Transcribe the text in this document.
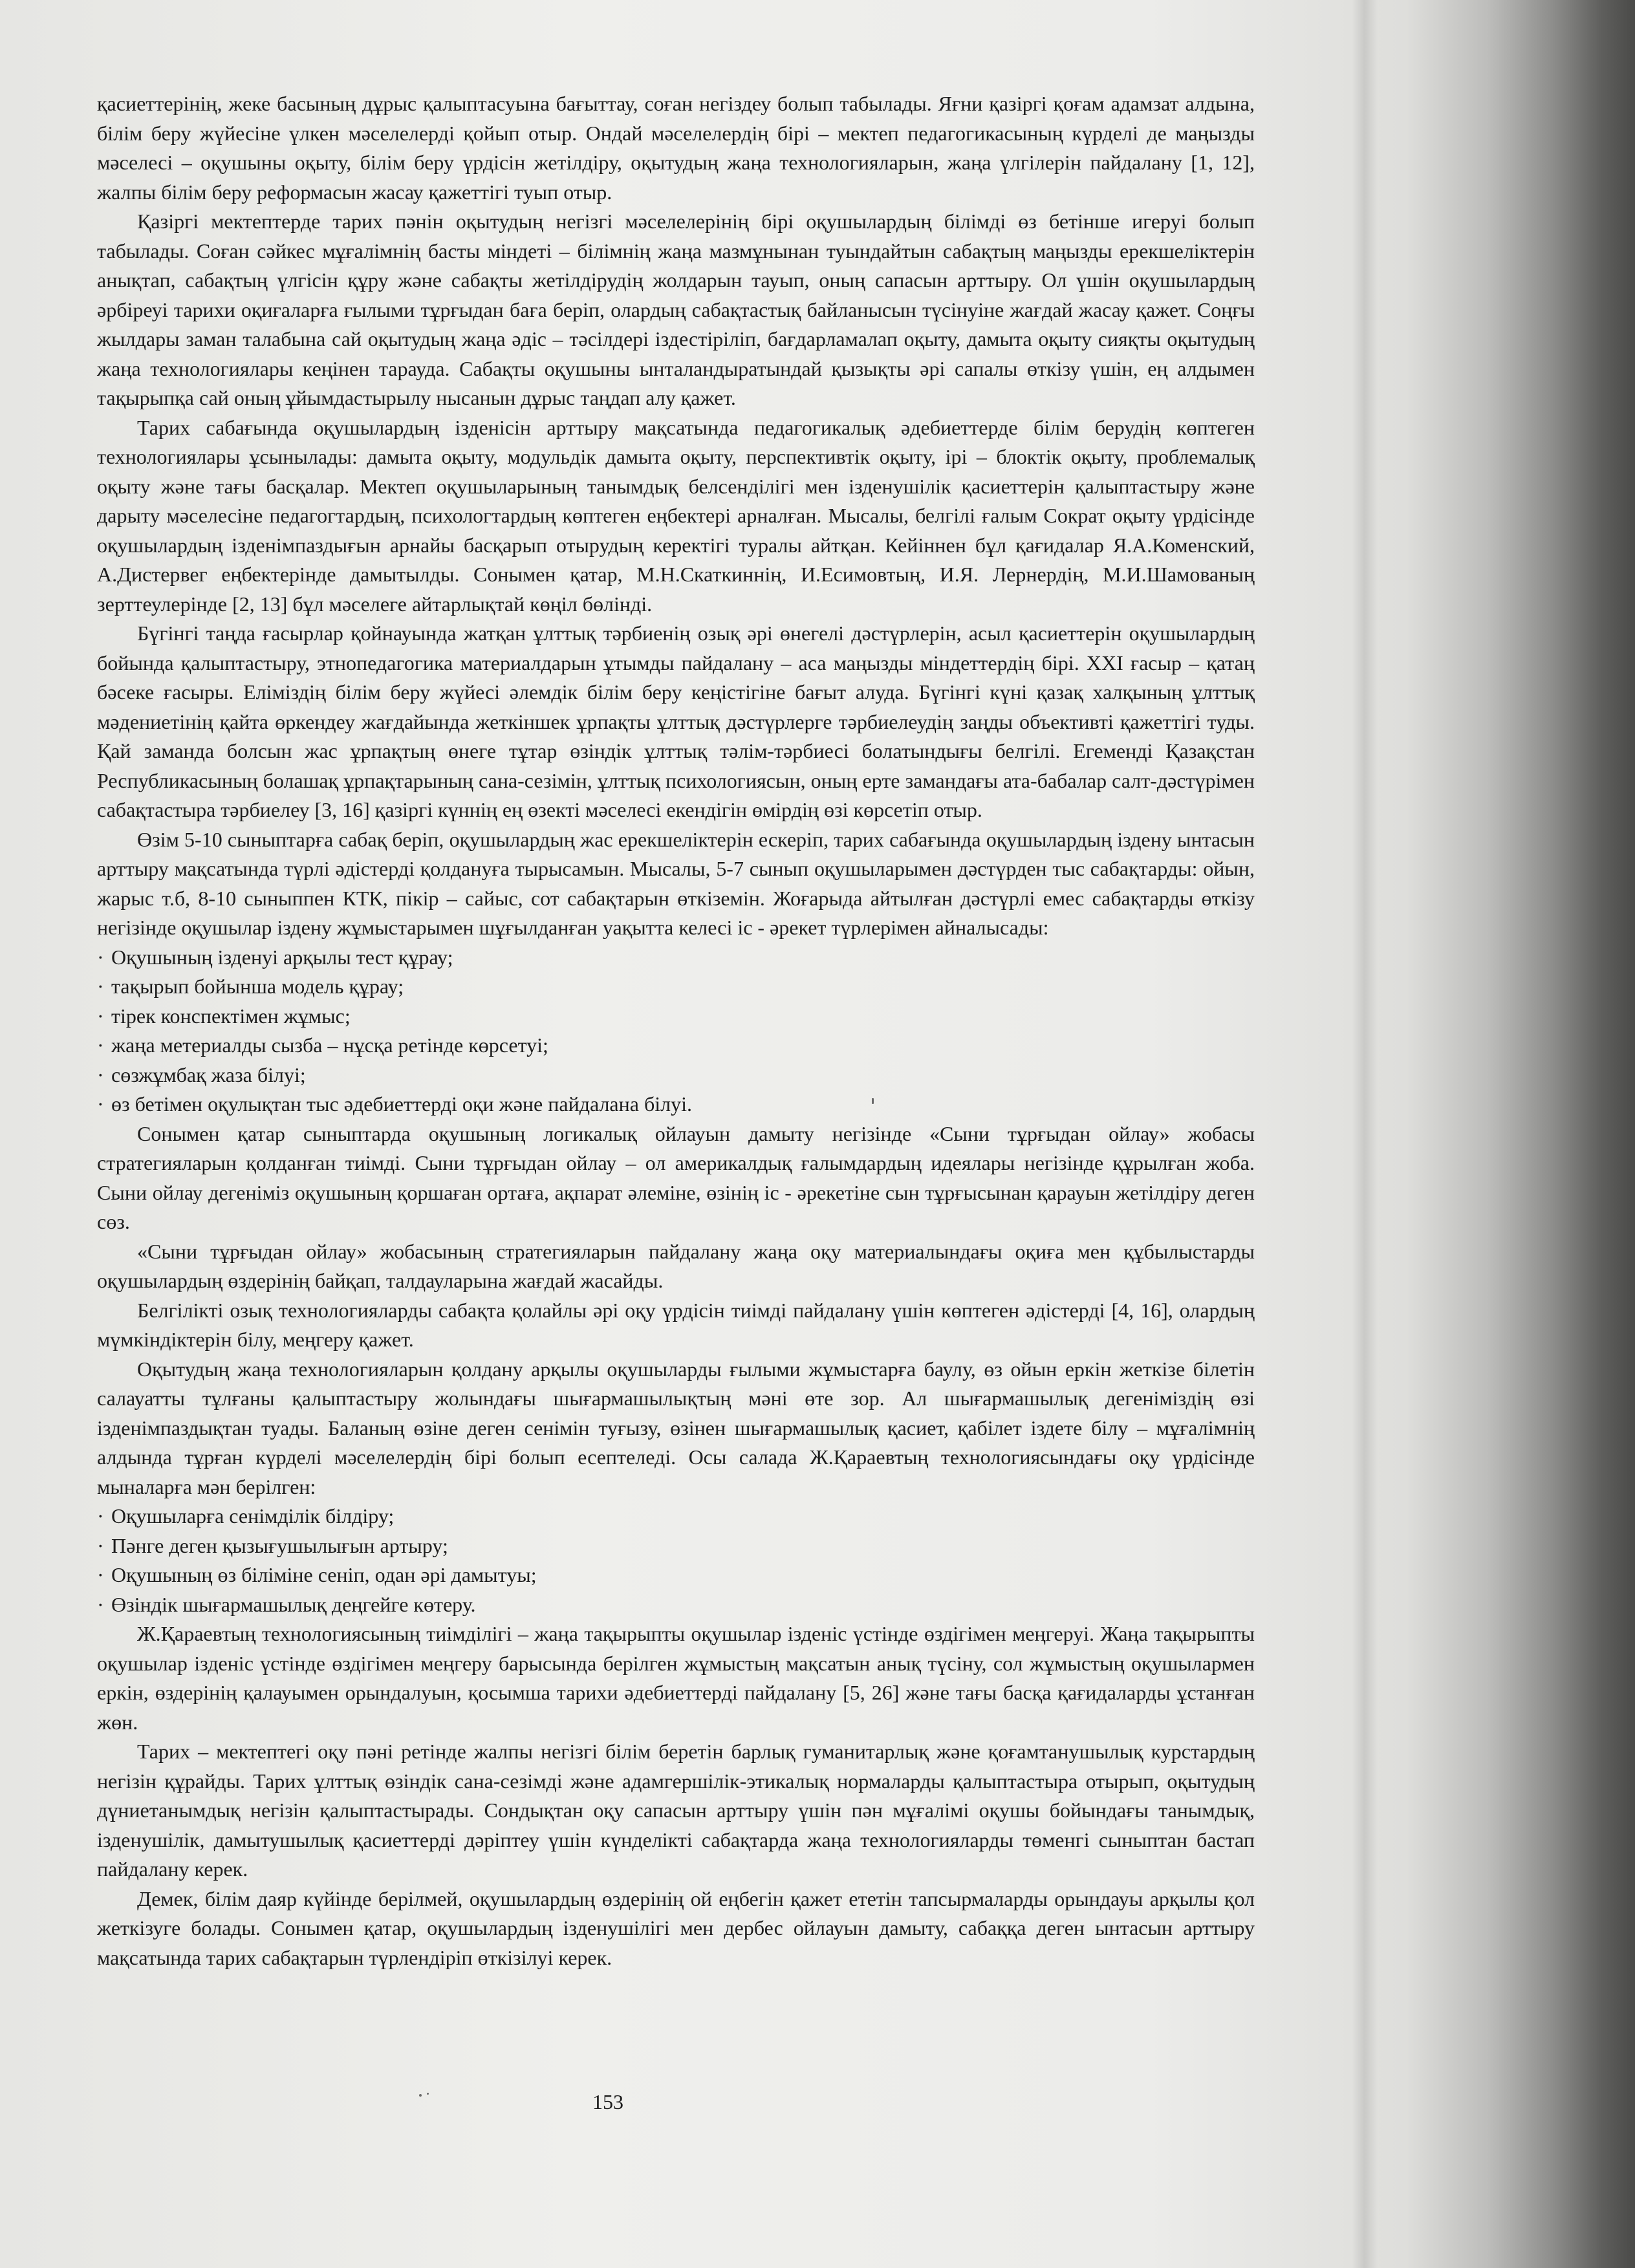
қасиеттерінің, жеке басының дұрыс қалыптасуына бағыттау, соған негіздеу болып табылады. Яғни қазіргі қоғам адамзат алдына, білім беру жүйесіне үлкен мәселелерді қойып отыр. Ондай мәселелердің бірі – мектеп педагогикасының күрделі де маңызды мәселесі – оқушыны оқыту, білім беру үрдісін жетілдіру, оқытудың жаңа технологияларын, жаңа үлгілерін пайдалану [1, 12], жалпы білім беру реформасын жасау қажеттігі туып отыр.

Қазіргі мектептерде тарих пәнін оқытудың негізгі мәселелерінің бірі оқушылардың білімді өз бетінше игеруі болып табылады. Соған сәйкес мұғалімнің басты міндеті – білімнің жаңа мазмұнынан туындайтын сабақтың маңызды ерекшеліктерін анықтап, сабақтың үлгісін құру және сабақты жетілдірудің жолдарын тауып, оның сапасын арттыру. Ол үшін оқушылардың әрбіреуі тарихи оқиғаларға ғылыми тұрғыдан баға беріп, олардың сабақтастық байланысын түсінуіне жағдай жасау қажет. Соңғы жылдары заман талабына сай оқытудың жаңа әдіс – тәсілдері іздестіріліп, бағдарламалап оқыту, дамыта оқыту сияқты оқытудың жаңа технологиялары кеңінен тарауда. Сабақты оқушыны ынталандыратындай қызықты әрі сапалы өткізу үшін, ең алдымен тақырыпқа сай оның ұйымдастырылу нысанын дұрыс таңдап алу қажет.

Тарих сабағында оқушылардың ізденісін арттыру мақсатында педагогикалық әдебиеттерде білім берудің көптеген технологиялары ұсынылады: дамыта оқыту, модульдік дамыта оқыту, перспективтік оқыту, ірі – блоктік оқыту, проблемалық оқыту және тағы басқалар. Мектеп оқушыларының танымдық белсенділігі мен ізденушілік қасиеттерін қалыптастыру және дарыту мәселесіне педагогтардың, психологтардың көптеген еңбектері арналған. Мысалы, белгілі ғалым Сократ оқыту үрдісінде оқушылардың ізденімпаздығын арнайы басқарып отырудың керектігі туралы айтқан. Кейіннен бұл қағидалар Я.А.Коменский, А.Дистервег еңбектерінде дамытылды. Сонымен қатар, М.Н.Скаткиннің, И.Есимовтың, И.Я. Лернердің, М.И.Шамованың зерттеулерінде [2, 13] бұл мәселеге айтарлықтай көңіл бөлінді.

Бүгінгі таңда ғасырлар қойнауында жатқан ұлттық тәрбиенің озық әрі өнегелі дәстүрлерін, асыл қасиеттерін оқушылардың бойында қалыптастыру, этнопедагогика материалдарын ұтымды пайдалану – аса маңызды міндеттердің бірі. XXI ғасыр – қатаң бәсеке ғасыры. Еліміздің білім беру жүйесі әлемдік білім беру кеңістігіне бағыт алуда. Бүгінгі күні қазақ халқының ұлттық мәдениетінің қайта өркендеу жағдайында жеткіншек ұрпақты ұлттық дәстүрлерге тәрбиелеудің заңды объективті қажеттігі туды. Қай заманда болсын жас ұрпақтың өнеге тұтар өзіндік ұлттық тәлім-тәрбиесі болатындығы белгілі. Егеменді Қазақстан Республикасының болашақ ұрпақтарының сана-сезімін, ұлттық психологиясын, оның ерте замандағы ата-бабалар салт-дәстүрімен сабақтастыра тәрбиелеу [3, 16] қазіргі күннің ең өзекті мәселесі екендігін өмірдің өзі көрсетіп отыр.

Өзім 5-10 сыныптарға сабақ беріп, оқушылардың жас ерекшеліктерін ескеріп, тарих сабағында оқушылардың іздену ынтасын арттыру мақсатында түрлі әдістерді қолдануға тырысамын. Мысалы, 5-7 сынып оқушыларымен дәстүрден тыс сабақтарды: ойын, жарыс т.б, 8-10 сыныппен КТК, пікір – сайыс, сот сабақтарын өткіземін. Жоғарыда айтылған дәстүрлі емес сабақтарды өткізу негізінде оқушылар іздену жұмыстарымен шұғылданған уақытта келесі іс - әрекет түрлерімен айналысады:

· Оқушының ізденуі арқылы тест құрау;
· тақырып бойынша модель құрау;
· тірек конспектімен жұмыс;
· жаңа метериалды сызба – нұсқа ретінде көрсетуі;
· сөзжұмбақ жаза білуі;
· өз бетімен оқулықтан тыс әдебиеттерді оқи және пайдалана білуі.

Сонымен қатар сыныптарда оқушының логикалық ойлауын дамыту негізінде «Сыни тұрғыдан ойлау» жобасы стратегияларын қолданған тиімді. Сыни тұрғыдан ойлау – ол америкалдық ғалымдардың идеялары негізінде құрылған жоба. Сыни ойлау дегеніміз оқушының қоршаған ортаға, ақпарат әлеміне, өзінің іс - әрекетіне сын тұрғысынан қарауын жетілдіру деген сөз.

«Сыни тұрғыдан ойлау» жобасының стратегияларын пайдалану жаңа оқу материалындағы оқиға мен құбылыстарды оқушылардың өздерінің байқап, талдауларына жағдай жасайды.

Белгілікті озық технологияларды сабақта қолайлы әрі оқу үрдісін тиімді пайдалану үшін көптеген әдістерді [4, 16], олардың мүмкіндіктерін білу, меңгеру қажет.

Оқытудың жаңа технологияларын қолдану арқылы оқушыларды ғылыми жұмыстарға баулу, өз ойын еркін жеткізе білетін салауатты тұлғаны қалыптастыру жолындағы шығармашылықтың мәні өте зор. Ал шығармашылық дегеніміздің өзі ізденімпаздықтан туады. Баланың өзіне деген сенімін туғызу, өзінен шығармашылық қасиет, қабілет іздете білу – мұғалімнің алдында тұрған күрделі мәселелердің бірі болып есептеледі. Осы салада Ж.Қараевтың технологиясындағы оқу үрдісінде мыналарға мән берілген:

· Оқушыларға сенімділік білдіру;
· Пәнге деген қызығушылығын артыру;
· Оқушының өз біліміне сеніп, одан әрі дамытуы;
· Өзіндік шығармашылық деңгейге көтеру.

Ж.Қараевтың технологиясының тиімділігі – жаңа тақырыпты оқушылар ізденіс үстінде өздігімен меңгеруі. Жаңа тақырыпты оқушылар ізденіс үстінде өздігімен меңгеру барысында берілген жұмыстың мақсатын анық түсіну, сол жұмыстың оқушылармен еркін, өздерінің қалауымен орындалуын, қосымша тарихи әдебиеттерді пайдалану [5, 26] және тағы басқа қағидаларды ұстанған жөн.

Тарих – мектептегі оқу пәні ретінде жалпы негізгі білім беретін барлық гуманитарлық және қоғамтанушылық курстардың негізін құрайды. Тарих ұлттық өзіндік сана-сезімді және адамгершілік-этикалық нормаларды қалыптастыра отырып, оқытудың дүниетанымдық негізін қалыптастырады. Сондықтан оқу сапасын арттыру үшін пән мұғалімі оқушы бойындағы танымдық, ізденушілік, дамытушылық қасиеттерді дәріптеу үшін күнделікті сабақтарда жаңа технологияларды төменгі сыныптан бастап пайдалану керек.

Демек, білім даяр күйінде берілмей, оқушылардың өздерінің ой еңбегін қажет ететін тапсырмаларды орындауы арқылы қол жеткізуге болады. Сонымен қатар, оқушылардың ізденушілігі мен дербес ойлауын дамыту, сабаққа деген ынтасын арттыру мақсатында тарих сабақтарын түрлендіріп өткізілуі керек.

153
